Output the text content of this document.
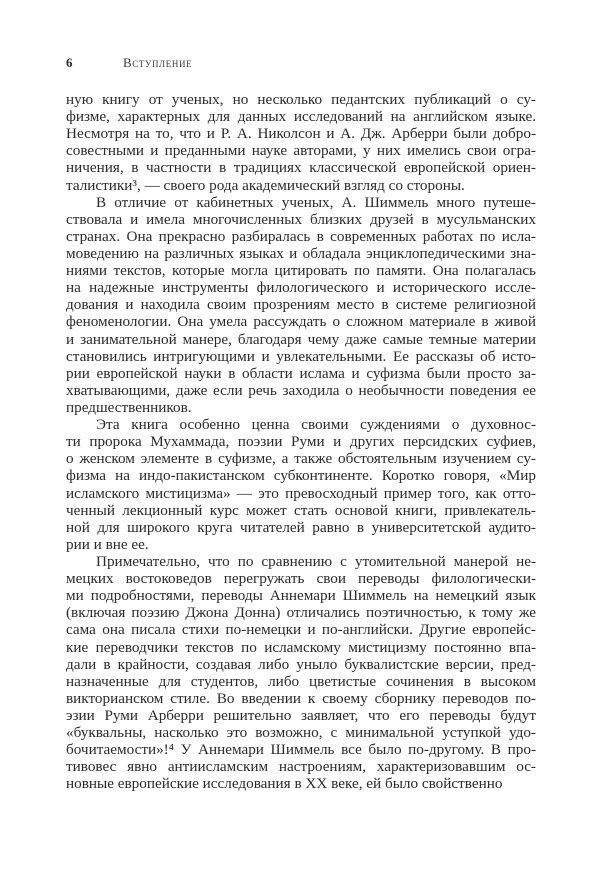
6	Вступление
ную книгу от ученых, но несколько педантских публикаций о су-
физме, характерных для данных исследований на английском языке.
Несмотря на то, что и Р. А. Николсон и А. Дж. Арберри были добро-
совестными и преданными науке авторами, у них имелись свои огра-
ничения, в частности в традициях классической европейской ориен-
талистики³, — своего рода академический взгляд со стороны.
В отличие от кабинетных ученых, А. Шиммель много путеше-
ствовала и имела многочисленных близких друзей в мусульманских
странах. Она прекрасно разбиралась в современных работах по исла-
моведению на различных языках и обладала энциклопедическими зна-
ниями текстов, которые могла цитировать по памяти. Она полагалась
на надежные инструменты филологического и исторического иссле-
дования и находила своим прозрениям место в системе религиозной
феноменологии. Она умела рассуждать о сложном материале в живой
и занимательной манере, благодаря чему даже самые темные материи
становились интригующими и увлекательными. Ее рассказы об исто-
рии европейской науки в области ислама и суфизма были просто за-
хватывающими, даже если речь заходила о необычности поведения ее
предшественников.
Эта книга особенно ценна своими суждениями о духовнос-
ти пророка Мухаммада, поэзии Руми и других персидских суфиев,
о женском элементе в суфизме, а также обстоятельным изучением су-
физма на индо-пакистанском субконтиненте. Коротко говоря, «Мир
исламского мистицизма» — это превосходный пример того, как отто-
ченный лекционный курс может стать основой книги, привлекатель-
ной для широкого круга читателей равно в университетской аудито-
рии и вне ее.
Примечательно, что по сравнению с утомительной манерой не-
мецких востоковедов перегружать свои переводы филологически-
ми подробностями, переводы Аннемари Шиммель на немецкий язык
(включая поэзию Джона Донна) отличались поэтичностью, к тому же
сама она писала стихи по-немецки и по-английски. Другие европейс-
кие переводчики текстов по исламскому мистицизму постоянно впа-
дали в крайности, создавая либо уныло буквалистские версии, пред-
назначенные для студентов, либо цветистые сочинения в высоком
викторианском стиле. Во введении к своему сборнику переводов по-
эзии Руми Арберри решительно заявляет, что его переводы будут
«буквальны, насколько это возможно, с минимальной уступкой удо-
бочитаемости»!⁴ У Аннемари Шиммель все было по-другому. В про-
тивовес явно антиисламским настроениям, характеризовавшим ос-
новные европейские исследования в XX веке, ей было свойственно
